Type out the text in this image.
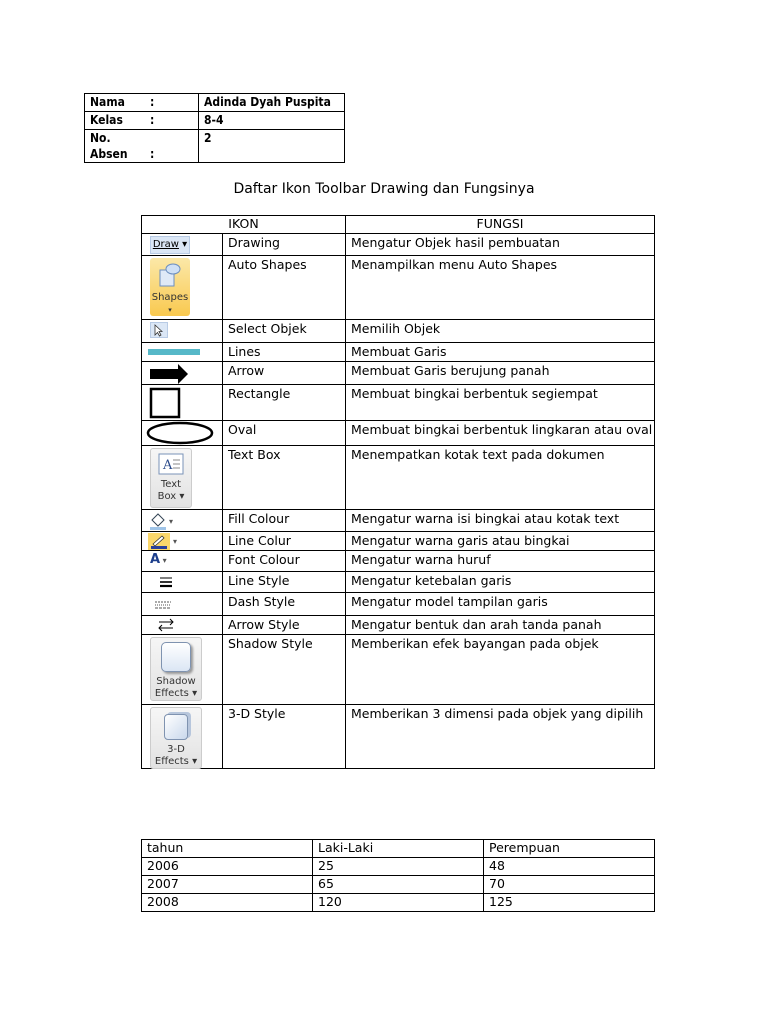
Nama :	Adinda Dyah Puspita
Kelas :	8-4
No. Absen :	2
Daftar Ikon Toolbar Drawing dan Fungsinya
IKON		FUNGSI

Draw ▾	Drawing	Mengatur Objek hasil pembuatan

Shapes
▾	Auto Shapes	Menampilkan menu Auto Shapes

	Select Objek	Memilih Objek

	Lines	Membuat Garis

	Arrow	Membuat Garis berujung panah

	Rectangle	Membuat bingkai berbentuk segiempat

	Oval	Membuat bingkai berbentuk lingkaran atau oval

A
Text
Box ▾	Text Box	Menempatkan kotak text pada dokumen

▾	Fill Colour	Mengatur warna isi bingkai atau kotak text

▾	Line Colur	Mengatur warna garis atau bingkai

A ▾	Font Colour	Mengatur warna huruf

	Line Style	Mengatur ketebalan garis

	Dash Style	Mengatur model tampilan garis

	Arrow Style	Mengatur bentuk dan arah tanda panah

Shadow
Effects ▾	Shadow Style	Memberikan efek bayangan pada objek

3-D
Effects ▾	3-D Style	Memberikan 3 dimensi pada objek yang dipilih
tahun	Laki-Laki	Perempuan
2006	25	48
2007	65	70
2008	120	125
